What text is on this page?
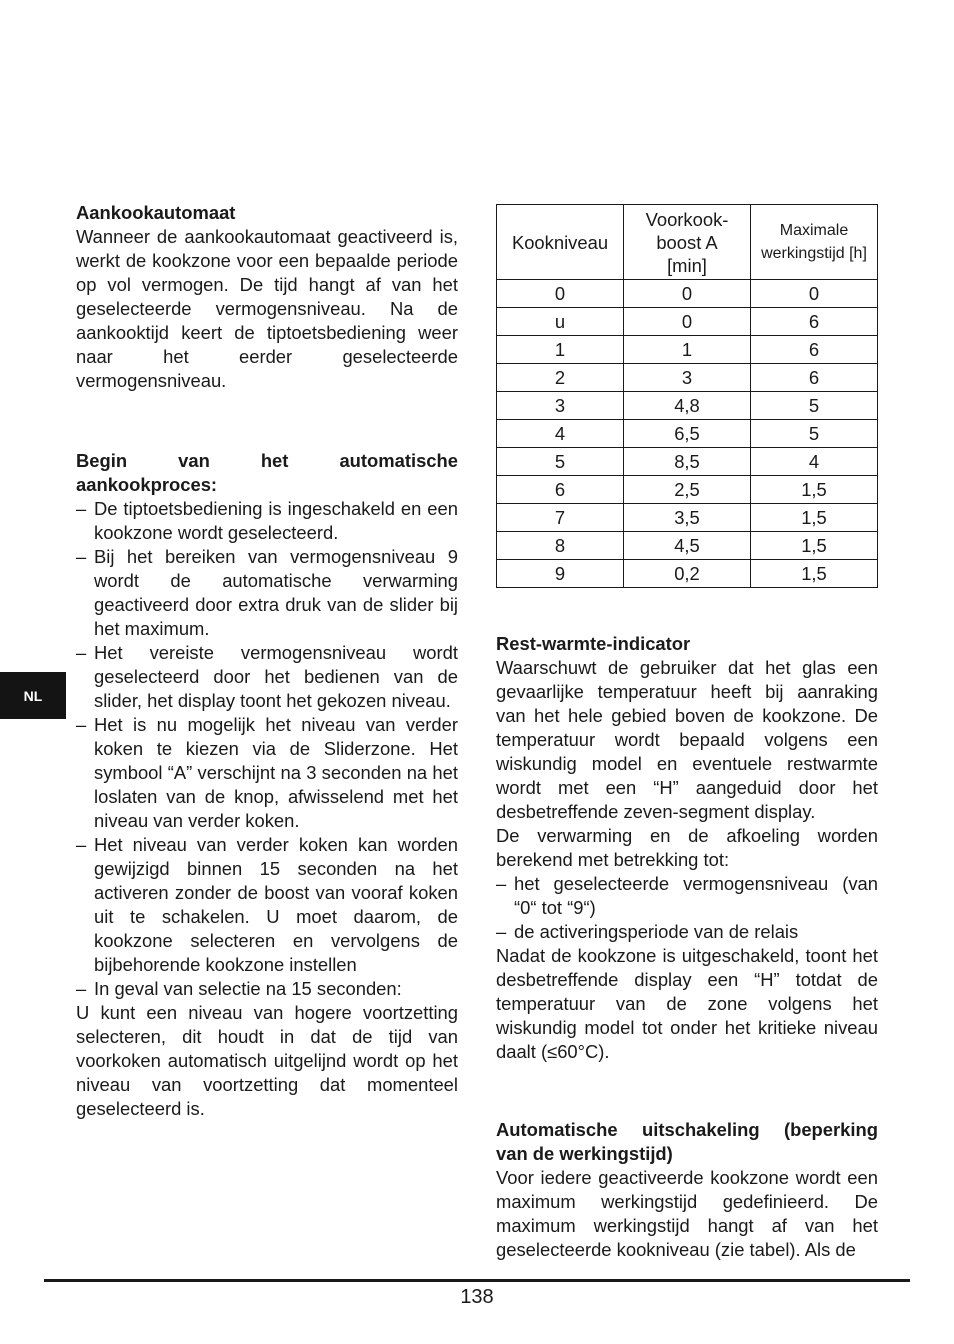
Aankookautomaat

Wanneer de aankookautomaat geactiveerd is, werkt de kookzone voor een bepaalde periode op vol vermogen. De tijd hangt af van het geselecteerde vermogensniveau. Na de aankooktijd keert de tiptoetsbediening weer naar het eerder geselecteerde vermogensniveau.

Begin van het automatische

aankookproces:

– De tiptoetsbediening is ingeschakeld en een kookzone wordt geselecteerd.
– Bij het bereiken van vermogensniveau 9 wordt de automatische verwarming geactiveerd door extra druk van de slider bij het maximum.
– Het vereiste vermogensniveau wordt geselecteerd door het bedienen van de slider, het display toont het gekozen niveau.
– Het is nu mogelijk het niveau van verder koken te kiezen via de Sliderzone. Het symbool “A” verschijnt na 3 seconden na het loslaten van de knop, afwisselend met het niveau van verder koken.
– Het niveau van verder koken kan worden gewijzigd binnen 15 seconden na het activeren zonder de boost van vooraf koken uit te schakelen. U moet daarom, de kookzone selecteren en vervolgens de bijbehorende kookzone instellen
– In geval van selectie na 15 seconden:

U kunt een niveau van hogere voortzetting selecteren, dit houdt in dat de tijd van voorkoken automatisch uitgelijnd wordt op het niveau van voortzetting dat momenteel geselecteerd is.

Kookniveau	Voorkook-
boost A
[min]	Maximale
werkingstijd [h]
0	0	0
u	0	6
1	1	6
2	3	6
3	4,8	5
4	6,5	5
5	8,5	4
6	2,5	1,5
7	3,5	1,5
8	4,5	1,5
9	0,2	1,5

Rest-warmte-indicator

Waarschuwt de gebruiker dat het glas een gevaarlijke temperatuur heeft bij aanraking van het hele gebied boven de kookzone. De temperatuur wordt bepaald volgens een wiskundig model en eventuele restwarmte wordt met een “H” aangeduid door het desbetreffende zeven-segment display.

De verwarming en de afkoeling worden berekend met betrekking tot:

– het geselecteerde vermogensniveau (van “0“ tot “9“)
– de activeringsperiode van de relais

Nadat de kookzone is uitgeschakeld, toont het desbetreffende display een “H” totdat de temperatuur van de zone volgens het wiskundig model tot onder het kritieke niveau daalt (≤60°C).

Automatische uitschakeling (beperking

van de werkingstijd)

Voor iedere geactiveerde kookzone wordt een maximum werkingstijd gedefinieerd. De maximum werkingstijd hangt af van het geselecteerde kookniveau (zie tabel). Als de

NL
138
